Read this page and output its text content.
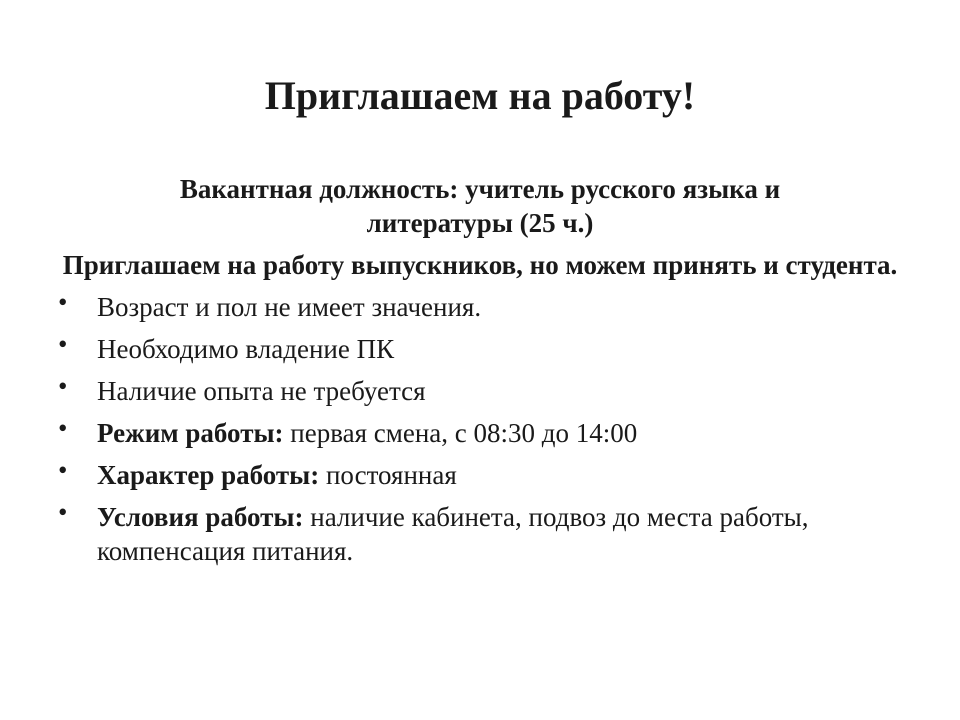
Приглашаем на работу!

Вакантная должность: учитель русского языка и литературы (25 ч.)

Приглашаем на работу выпускников, но можем принять и студента.

• Возраст и пол не имеет значения.
• Необходимо владение ПК
• Наличие опыта не требуется
• Режим работы: первая смена, с 08:30 до 14:00
• Характер работы: постоянная
• Условия работы: наличие кабинета, подвоз до места работы, компенсация питания.
